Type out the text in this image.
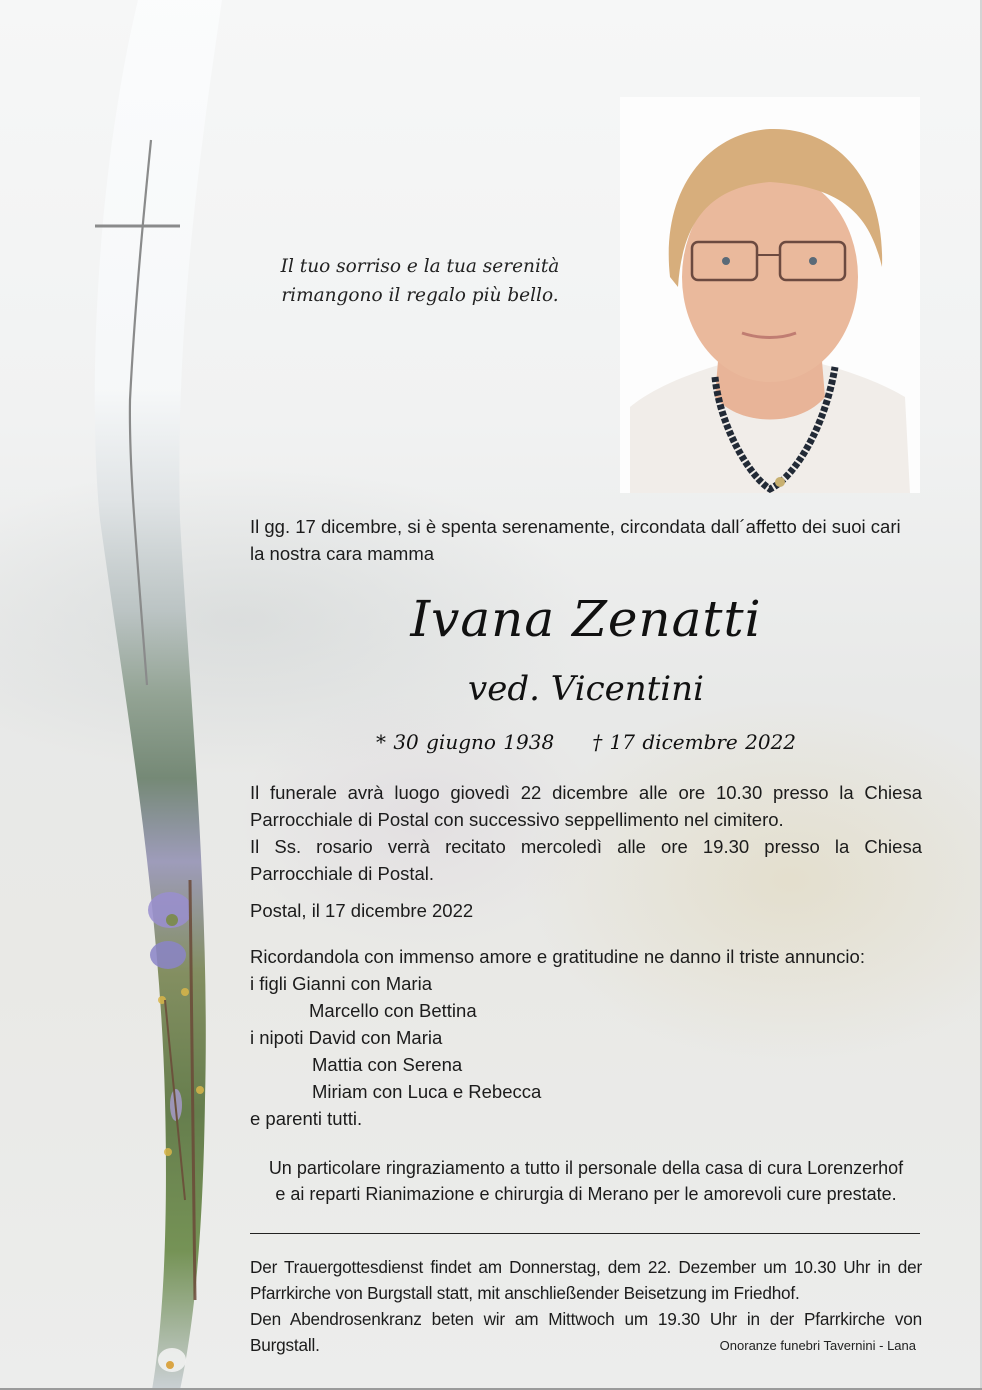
Il tuo sorriso e la tua serenità
rimangono il regalo più bello.
Il gg. 17 dicembre, si è spenta serenamente, circondata dall´affetto dei suoi cari
la nostra cara mamma
Ivana Zenatti
ved. Vicentini
* 30 giugno 1938 † 17 dicembre 2022

Il funerale avrà luogo giovedì 22 dicembre alle ore 10.30 presso la Chiesa

Parrocchiale di Postal con successivo seppellimento nel cimitero.

Il Ss. rosario verrà recitato mercoledì alle ore 19.30 presso la Chiesa

Parrocchiale di Postal.

Postal, il 17 dicembre 2022
Ricordandola con immenso amore e gratitudine ne danno il triste annuncio:
i figli Gianni con Maria
Marcello con Bettina
i nipoti David con Maria
Mattia con Serena
Miriam con Luca e Rebecca
e parenti tutti.
Un particolare ringraziamento a tutto il personale della casa di cura Lorenzerhof
e ai reparti Rianimazione e chirurgia di Merano per le amorevoli cure prestate.

Der Trauergottesdienst findet am Donnerstag, dem 22. Dezember um 10.30 Uhr in der

Pfarrkirche von Burgstall statt, mit anschließender Beisetzung im Friedhof.

Den Abendrosenkranz beten wir am Mittwoch um 19.30 Uhr in der Pfarrkirche von

Burgstall.	Onoranze funebri Tavernini - Lana
